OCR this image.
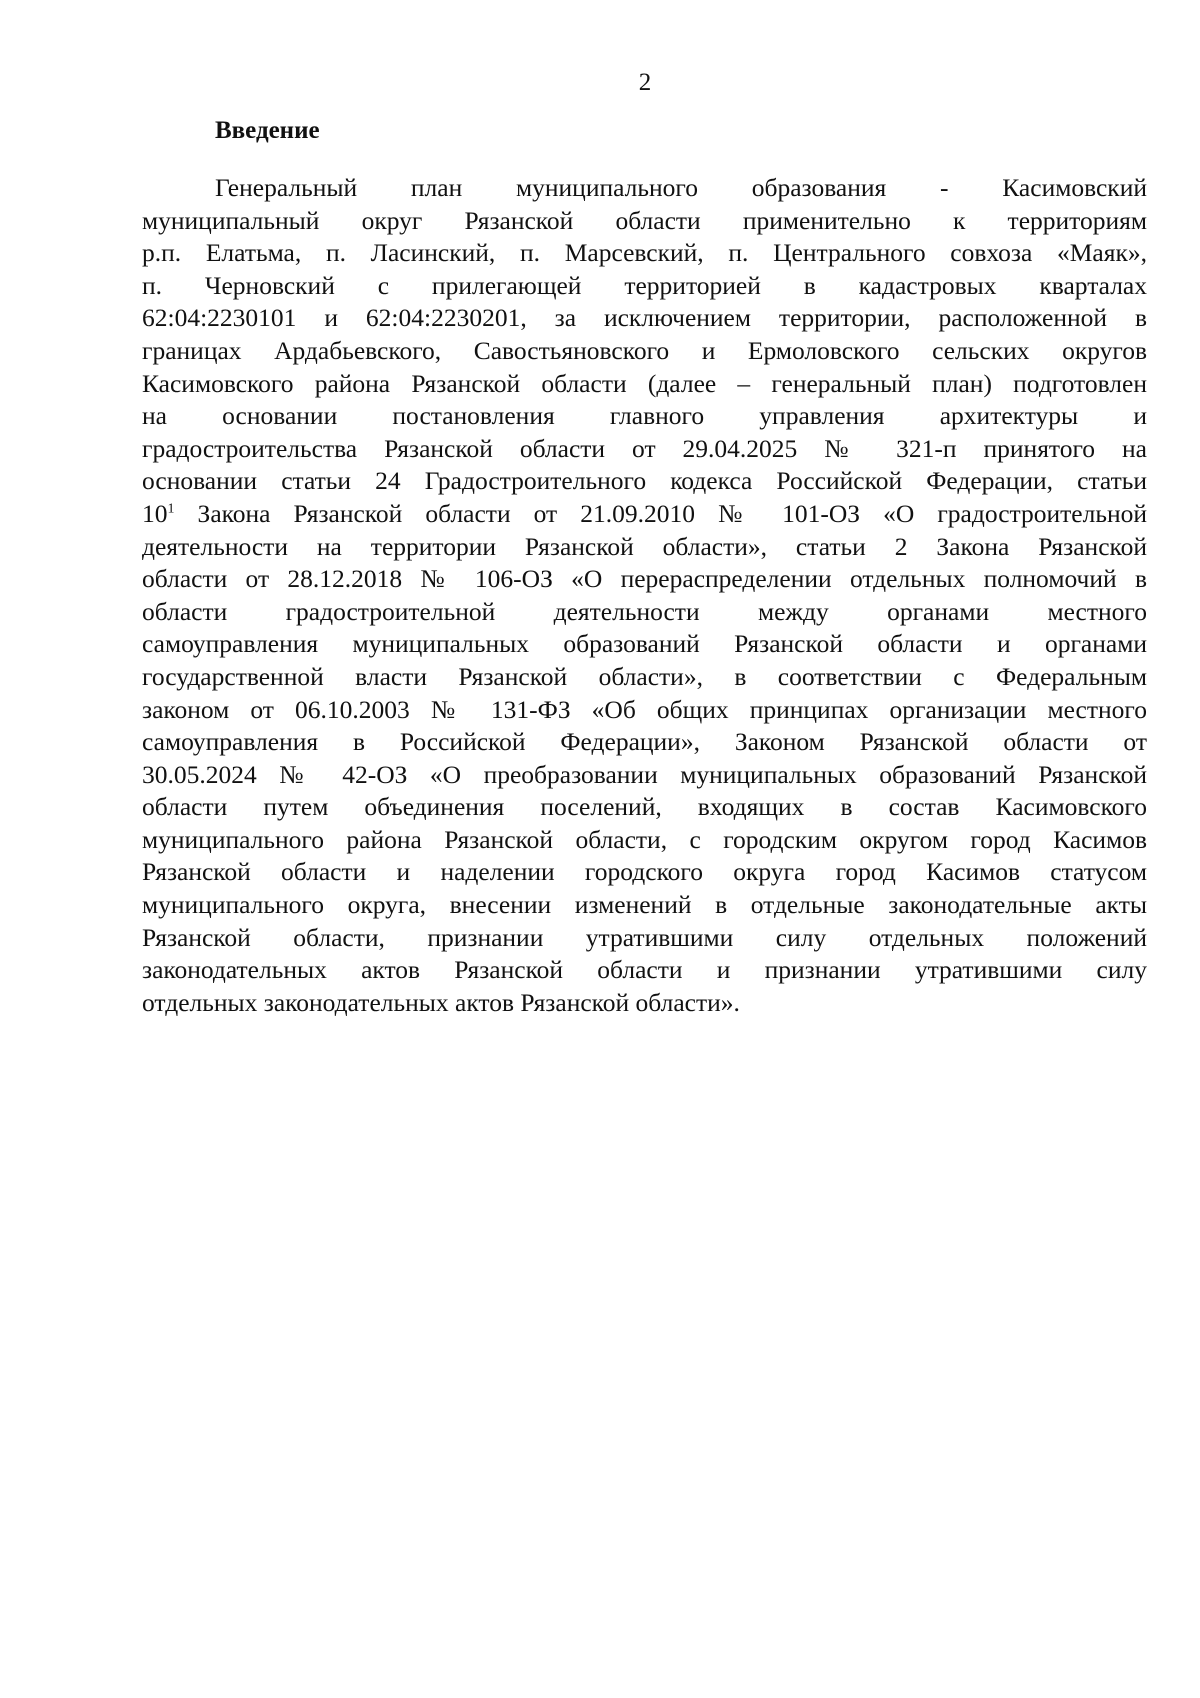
2
Введение
Генеральный план муниципального образования - Касимовский
муниципальный округ Рязанской области применительно к территориям
р.п. Елатьма, п. Ласинский, п. Марсевский, п. Центрального совхоза «Маяк»,
п. Черновский с прилегающей территорией в кадастровых кварталах
62:04:2230101 и 62:04:2230201, за исключением территории, расположенной в
границах Ардабьевского, Савостьяновского и Ермоловского сельских округов
Касимовского района Рязанской области (далее – генеральный план) подготовлен
на основании постановления главного управления архитектуры и
градостроительства Рязанской области от 29.04.2025 № 321-п принятого на
основании статьи 24 Градостроительного кодекса Российской Федерации, статьи
$10^1$ Закона Рязанской области от 21.09.2010 № 101-ОЗ «О градостроительной
деятельности на территории Рязанской области», статьи 2 Закона Рязанской
области от 28.12.2018 № 106-ОЗ «О перераспределении отдельных полномочий в
области градостроительной деятельности между органами местного
самоуправления муниципальных образований Рязанской области и органами
государственной власти Рязанской области», в соответствии с Федеральным
законом от 06.10.2003 № 131-ФЗ «Об общих принципах организации местного
самоуправления в Российской Федерации», Законом Рязанской области от
30.05.2024 № 42-ОЗ «О преобразовании муниципальных образований Рязанской
области путем объединения поселений, входящих в состав Касимовского
муниципального района Рязанской области, с городским округом город Касимов
Рязанской области и наделении городского округа город Касимов статусом
муниципального округа, внесении изменений в отдельные законодательные акты
Рязанской области, признании утратившими силу отдельных положений
законодательных актов Рязанской области и признании утратившими силу
отдельных законодательных актов Рязанской области».
